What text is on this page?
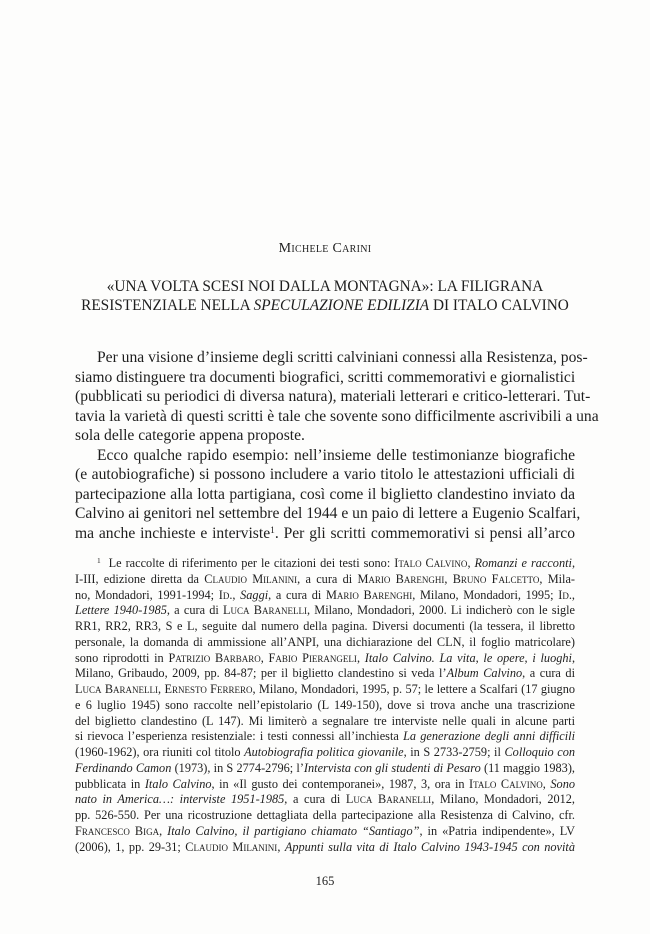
Michele Carini
«UNA VOLTA SCESI NOI DALLA MONTAGNA»: LA FILIGRANA
RESISTENZIALE NELLA SPECULAZIONE EDILIZIA DI ITALO CALVINO
Per una visione d’insieme degli scritti calviniani connessi alla Resistenza, pos-
siamo distinguere tra documenti biografici, scritti commemorativi e giornalistici
(pubblicati su periodici di diversa natura), materiali letterari e critico-letterari. Tut-
tavia la varietà di questi scritti è tale che sovente sono difficilmente ascrivibili a una
sola delle categorie appena proposte.
Ecco qualche rapido esempio: nell’insieme delle testimonianze biografiche
(e autobiografiche) si possono includere a vario titolo le attestazioni ufficiali di
partecipazione alla lotta partigiana, così come il biglietto clandestino inviato da
Calvino ai genitori nel settembre del 1944 e un paio di lettere a Eugenio Scalfari,
ma anche inchieste e interviste$^1$. Per gli scritti commemorativi si pensi all’arco
$^1$ Le raccolte di riferimento per le citazioni dei testi sono: Italo Calvino, Romanzi e racconti,
I-III, edizione diretta da Claudio Milanini, a cura di Mario Barenghi, Bruno Falcetto, Mila-
no, Mondadori, 1991-1994; Id., Saggi, a cura di Mario Barenghi, Milano, Mondadori, 1995; Id.,
Lettere 1940-1985, a cura di Luca Baranelli, Milano, Mondadori, 2000. Li indicherò con le sigle
RR1, RR2, RR3, S e L, seguite dal numero della pagina. Diversi documenti (la tessera, il libretto
personale, la domanda di ammissione all’ANPI, una dichiarazione del CLN, il foglio matricolare)
sono riprodotti in Patrizio Barbaro, Fabio Pierangeli, Italo Calvino. La vita, le opere, i luoghi,
Milano, Gribaudo, 2009, pp. 84-87; per il biglietto clandestino si veda l’Album Calvino, a cura di
Luca Baranelli, Ernesto Ferrero, Milano, Mondadori, 1995, p. 57; le lettere a Scalfari (17 giugno
e 6 luglio 1945) sono raccolte nell’epistolario (L 149-150), dove si trova anche una trascrizione
del biglietto clandestino (L 147). Mi limiterò a segnalare tre interviste nelle quali in alcune parti
si rievoca l’esperienza resistenziale: i testi connessi all’inchiesta La generazione degli anni difficili
(1960-1962), ora riuniti col titolo Autobiografia politica giovanile, in S 2733-2759; il Colloquio con
Ferdinando Camon (1973), in S 2774-2796; l’Intervista con gli studenti di Pesaro (11 maggio 1983),
pubblicata in Italo Calvino, in «Il gusto dei contemporanei», 1987, 3, ora in Italo Calvino, Sono
nato in America…: interviste 1951-1985, a cura di Luca Baranelli, Milano, Mondadori, 2012,
pp. 526-550. Per una ricostruzione dettagliata della partecipazione alla Resistenza di Calvino, cfr.
Francesco Biga, Italo Calvino, il partigiano chiamato “Santiago”, in «Patria indipendente», LV
(2006), 1, pp. 29-31; Claudio Milanini, Appunti sulla vita di Italo Calvino 1943-1945 con novità
165
